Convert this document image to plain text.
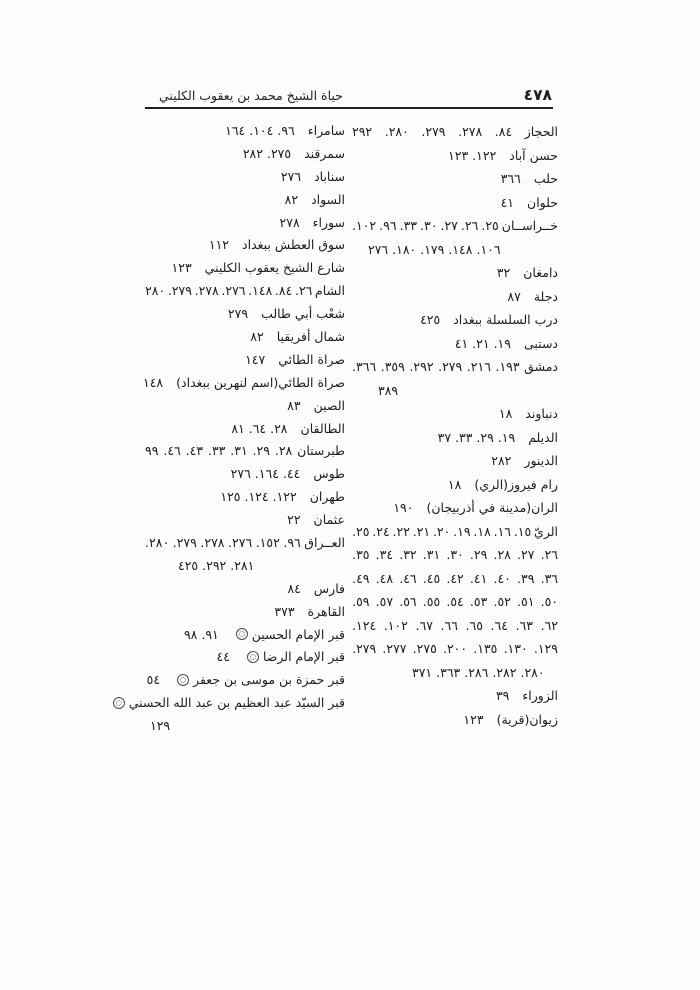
حياة الشيخ محمد بن يعقوب الكليني	٤٧٨
الحجاز
٨٤.
٢٧٨.
٢٧٩.
٢٨٠.
٢٩٢
حسن آباد١٢٢. ١٢٣
حلب٣٦٦
حلوان٤١
خــراســان
٢٥.
٢٦.
٢٧.
٣٠.
٣٣.
٩٦.
١٠٢.
١٠٦. ١٤٨. ١٧٩. ١٨٠. ٢٧٦
دامغان٣٢
دجلة٨٧
درب السلسلة ببغداد٤٢٥
دستبى١٩. ٢١. ٤١
دمشق
١٩٣.
٢١٦.
٢٧٩.
٢٩٢.
٣٥٩.
٣٦٦.
٣٨٩
دنباوند١٨
الديلم١٩. ٢٩. ٣٣. ٣٧
الدينور٢٨٢
رام فيروز(الري)١٨
الران(مدينة في أذربيجان)١٩٠
الريّ
١٥.
١٦.
١٨.
١٩.
٢٠.
٢١.
٢٢.
٢٤.
٢٥.
٢٦.
٢٧.
٢٨.
٢٩.
٣٠.
٣١.
٣٢.
٣٤.
٣٥.
٣٦.
٣٩.
٤٠.
٤١.
٤٢.
٤٥.
٤٦.
٤٨.
٤٩.
٥٠.
٥١.
٥٢.
٥٣.
٥٤.
٥٥.
٥٦.
٥٧.
٥٩.
٦٢.
٦٣.
٦٤.
٦٥.
٦٦.
٦٧.
١٠٢.
١٢٤.
١٢٩.
١٣٠.
١٣٥.
٢٠٠.
٢٧٥.
٢٧٧.
٢٧٩.
٢٨٠. ٢٨٢. ٢٨٦. ٣٦٣. ٣٧١
الزوراء٣٩
زيوان(قرية)١٢٣
سامراء٩٦. ١٠٤. ١٦٤
سمرقند٢٧٥. ٢٨٢
سناباد٢٧٦
السواد٨٢
سوراء٢٧٨
سوق العطش ببغداد١١٢
شارع الشيخ يعقوب الكليني١٢٣
الشام
٢٦.
٨٤.
١٤٨.
٢٧٦.
٢٧٨.
٢٧٩.
٢٨٠
شعْب أبي طالب٢٧٩
شمال أفريقيا٨٢
صراة الطائي١٤٧
صراة الطائي(اسم لنهرين ببغداد)١٤٨
الصين٨٣
الطالقان٢٨. ٦٤. ٨١
طبرستان
٢٨.
٢٩.
٣١.
٣٣.
٤٣.
٤٦.
٩٩
طوس٤٤. ١٦٤. ٢٧٦
طهران١٢٢. ١٢٤. ١٢٥
عثمان٢٢
العــراق
٩٦.
١٥٢.
٢٧٦.
٢٧٨.
٢٧٩.
٢٨٠.
٢٨١. ٢٩٢. ٤٢٥
فارس٨٤
القاهرة٣٧٣
قبر الإمام الحسين٩١. ٩٨
قبر الإمام الرضا٤٤
قبر حمزة بن موسى بن جعفر٥٤
قبر السيّد عبد العظيم بن عبد الله الحسني
١٢٩
